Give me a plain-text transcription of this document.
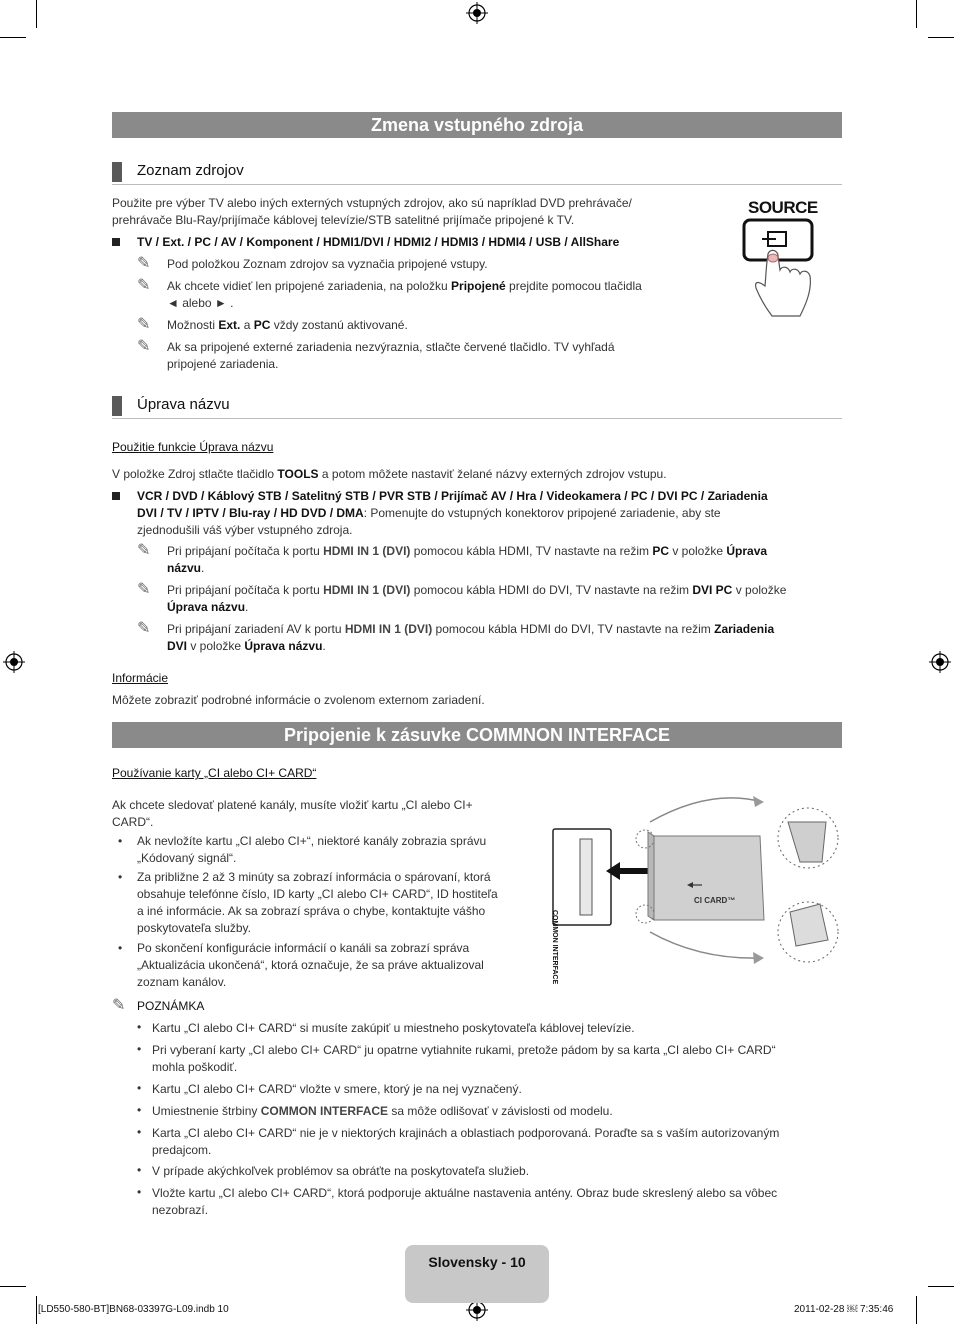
Zmena vstupného zdroja
Zoznam zdrojov
Použite pre výber TV alebo iných externých vstupných zdrojov, ako sú napríklad DVD prehrávače/
prehrávače Blu-Ray/prijímače káblovej televízie/STB satelitné prijímače pripojené k TV.
TV / Ext. / PC / AV / Komponent / HDMI1/DVI / HDMI2 / HDMI3 / HDMI4 / USB / AllShare
✎ Pod položkou Zoznam zdrojov sa vyznačia pripojené vstupy.
✎ Ak chcete vidieť len pripojené zariadenia, na položku Pripojené prejdite pomocou tlačidla
◄ alebo ► .
✎ Možnosti Ext. a PC vždy zostanú aktivované.
✎ Ak sa pripojené externé zariadenia nezvýraznia, stlačte červené tlačidlo. TV vyhľadá
pripojené zariadenia.
SOURCE
Úprava názvu
Použitie funkcie Úprava názvu
V položke Zdroj stlačte tlačidlo TOOLS a potom môžete nastaviť želané názvy externých zdrojov vstupu.
VCR / DVD / Káblový STB / Satelitný STB / PVR STB / Prijímač AV / Hra / Videokamera / PC / DVI PC / Zariadenia
DVI / TV / IPTV / Blu-ray / HD DVD / DMA: Pomenujte do vstupných konektorov pripojené zariadenie, aby ste
zjednodušili váš výber vstupného zdroja.
✎ Pri pripájaní počítača k portu HDMI IN 1 (DVI) pomocou kábla HDMI, TV nastavte na režim PC v položke Úprava
názvu.
✎ Pri pripájaní počítača k portu HDMI IN 1 (DVI) pomocou kábla HDMI do DVI, TV nastavte na režim DVI PC v položke
Úprava názvu.
✎ Pri pripájaní zariadení AV k portu HDMI IN 1 (DVI) pomocou kábla HDMI do DVI, TV nastavte na režim Zariadenia
DVI v položke Úprava názvu.
Informácie
Môžete zobraziť podrobné informácie o zvolenom externom zariadení.
Pripojenie k zásuvke COMMNON INTERFACE
Používanie karty „CI alebo CI+ CARD“
Ak chcete sledovať platené kanály, musíte vložiť kartu „CI alebo CI+
CARD“.
• Ak nevložíte kartu „CI alebo CI+“, niektoré kanály zobrazia správu
„Kódovaný signál“.
• Za približne 2 až 3 minúty sa zobrazí informácia o spárovaní, ktorá
obsahuje telefónne číslo, ID karty „CI alebo CI+ CARD“, ID hostiteľa
a iné informácie. Ak sa zobrazí správa o chybe, kontaktujte vášho
poskytovateľa služby.
• Po skončení konfigurácie informácií o kanáli sa zobrazí správa
„Aktualizácia ukončená“, ktorá označuje, že sa práve aktualizoval
zoznam kanálov.	COMMON INTERFACE
CI CARD™
✎ POZNÁMKA
• Kartu „CI alebo CI+ CARD“ si musíte zakúpiť u miestneho poskytovateľa káblovej televízie.
• Pri vyberaní karty „CI alebo CI+ CARD“ ju opatrne vytiahnite rukami, pretože pádom by sa karta „CI alebo CI+ CARD“
mohla poškodiť.
• Kartu „CI alebo CI+ CARD“ vložte v smere, ktorý je na nej vyznačený.
• Umiestnenie štrbiny COMMON INTERFACE sa môže odlišovať v závislosti od modelu.
• Karta „CI alebo CI+ CARD“ nie je v niektorých krajinách a oblastiach podporovaná. Poraďte sa s vaším autorizovaným
predajcom.
• V prípade akýchkoľvek problémov sa obráťte na poskytovateľa služieb.
• Vložte kartu „CI alebo CI+ CARD“, ktorá podporuje aktuálne nastavenia antény. Obraz bude skreslený alebo sa vôbec
nezobrazí.
Slovensky - 10
[LD550-580-BT]BN68-03397G-L09.indb 10	2011-02-28 ￼ 7:35:46
